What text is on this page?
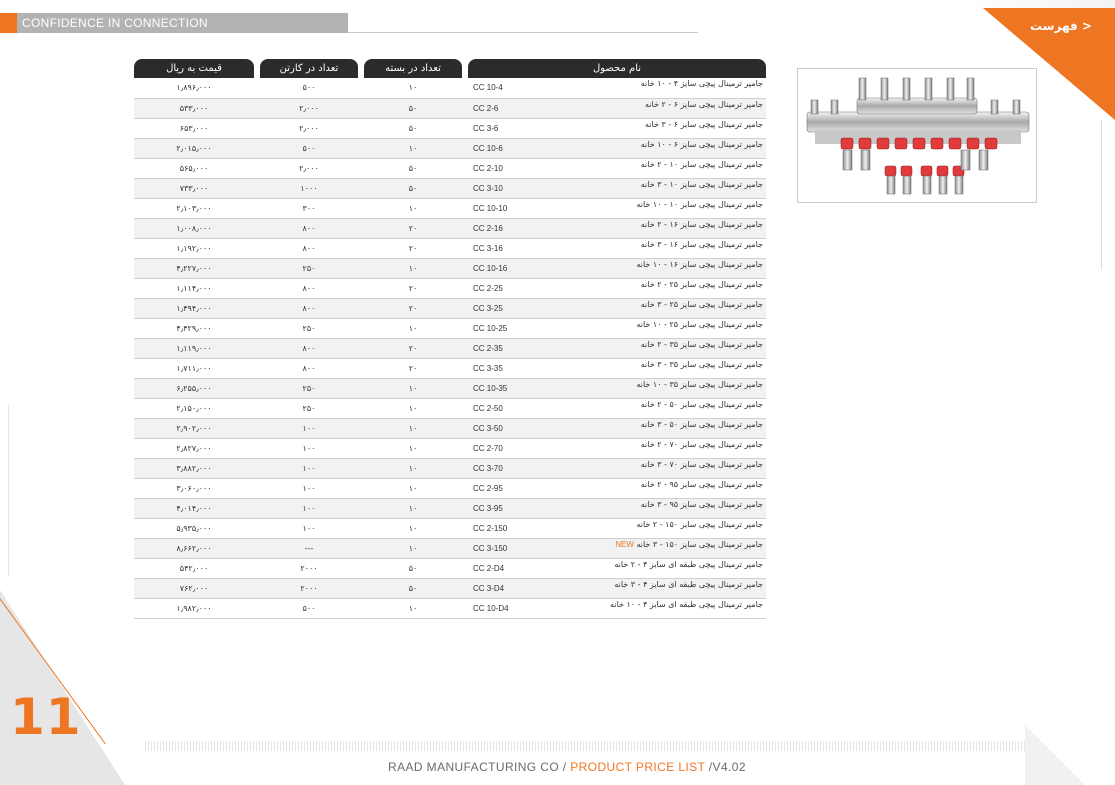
CONFIDENCE IN CONNECTION	< فهرست
قیمت به ریال		تعداد در کارتن		تعداد در بسته		نام محصول	
۱٫۸۹۶٫۰۰۰		۵۰۰		۱۰		CC 10-4	جامپر ترمینال پیچی سایز ۴ - ۱۰ خانه
۵۳۳٫۰۰۰		۲٫۰۰۰		۵۰		CC 2-6	جامپر ترمینال پیچی سایز ۶ - ۲ خانه
۶۵۳٫۰۰۰		۲٫۰۰۰		۵۰		CC 3-6	جامپر ترمینال پیچی سایز ۶ - ۳ خانه
۲٫۰۱۵٫۰۰۰		۵۰۰		۱۰		CC 10-6	جامپر ترمینال پیچی سایز ۶ - ۱۰ خانه
۵۶۵٫۰۰۰		۲٫۰۰۰		۵۰		CC 2-10	جامپر ترمینال پیچی سایز ۱۰ - ۲ خانه
۷۳۳٫۰۰۰		۱۰۰۰		۵۰		CC 3-10	جامپر ترمینال پیچی سایز ۱۰ - ۳ خانه
۲٫۱۰۳٫۰۰۰		۳۰۰		۱۰		CC 10-10	جامپر ترمینال پیچی سایز ۱۰ - ۱۰ خانه
۱٫۰۰۸٫۰۰۰		۸۰۰		۲۰		CC 2-16	جامپر ترمینال پیچی سایز ۱۶ - ۲ خانه
۱٫۱۹۲٫۰۰۰		۸۰۰		۲۰		CC 3-16	جامپر ترمینال پیچی سایز ۱۶ - ۳ خانه
۴٫۲۲۷٫۰۰۰		۲۵۰		۱۰		CC 10-16	جامپر ترمینال پیچی سایز ۱۶ - ۱۰ خانه
۱٫۱۱۴٫۰۰۰		۸۰۰		۲۰		CC 2-25	جامپر ترمینال پیچی سایز ۲۵ - ۲ خانه
۱٫۴۹۴٫۰۰۰		۸۰۰		۲۰		CC 3-25	جامپر ترمینال پیچی سایز ۲۵ - ۳ خانه
۴٫۴۲۹٫۰۰۰		۲۵۰		۱۰		CC 10-25	جامپر ترمینال پیچی سایز ۲۵ - ۱۰ خانه
۱٫۱۱۹٫۰۰۰		۸۰۰		۲۰		CC 2-35	جامپر ترمینال پیچی سایز ۳۵ - ۲ خانه
۱٫۷۱۱٫۰۰۰		۸۰۰		۲۰		CC 3-35	جامپر ترمینال پیچی سایز ۳۵ - ۳ خانه
۶٫۲۵۵٫۰۰۰		۲۵۰		۱۰		CC 10-35	جامپر ترمینال پیچی سایز ۳۵ - ۱۰ خانه
۲٫۱۵۰٫۰۰۰		۲۵۰		۱۰		CC 2-50	جامپر ترمینال پیچی سایز ۵۰ - ۲ خانه
۲٫۹۰۲٫۰۰۰		۱۰۰		۱۰		CC 3-50	جامپر ترمینال پیچی سایز ۵۰ - ۳ خانه
۲٫۸۲۷٫۰۰۰		۱۰۰		۱۰		CC 2-70	جامپر ترمینال پیچی سایز ۷۰ - ۲ خانه
۳٫۸۸۲٫۰۰۰		۱۰۰		۱۰		CC 3-70	جامپر ترمینال پیچی سایز ۷۰ - ۳ خانه
۳٫۰۶۰٫۰۰۰		۱۰۰		۱۰		CC 2-95	جامپر ترمینال پیچی سایز ۹۵ - ۲ خانه
۴٫۰۱۴٫۰۰۰		۱۰۰		۱۰		CC 3-95	جامپر ترمینال پیچی سایز ۹۵ - ۳ خانه
۵٫۹۳۵٫۰۰۰		۱۰۰		۱۰		CC 2-150	جامپر ترمینال پیچی سایز ۱۵۰ - ۲ خانه
۸٫۶۶۲٫۰۰۰		---		۱۰		CC 3-150	جامپر ترمینال پیچی سایز ۱۵۰ - ۳ خانه NEW
۵۴۲٫۰۰۰		۲۰۰۰		۵۰		CC 2-D4	جامپر ترمینال پیچی طبقه ای سایز ۴ - ۲ خانه
۷۶۲٫۰۰۰		۲۰۰۰		۵۰		CC 3-D4	جامپر ترمینال پیچی طبقه ای سایز ۴ - ۳ خانه
۱٫۹۸۲٫۰۰۰		۵۰۰		۱۰		CC 10-D4	جامپر ترمینال پیچی طبقه ای سایز ۴ - ۱۰ خانه
11
RAAD MANUFACTURING CO / PRODUCT PRICE LIST /V4.02
